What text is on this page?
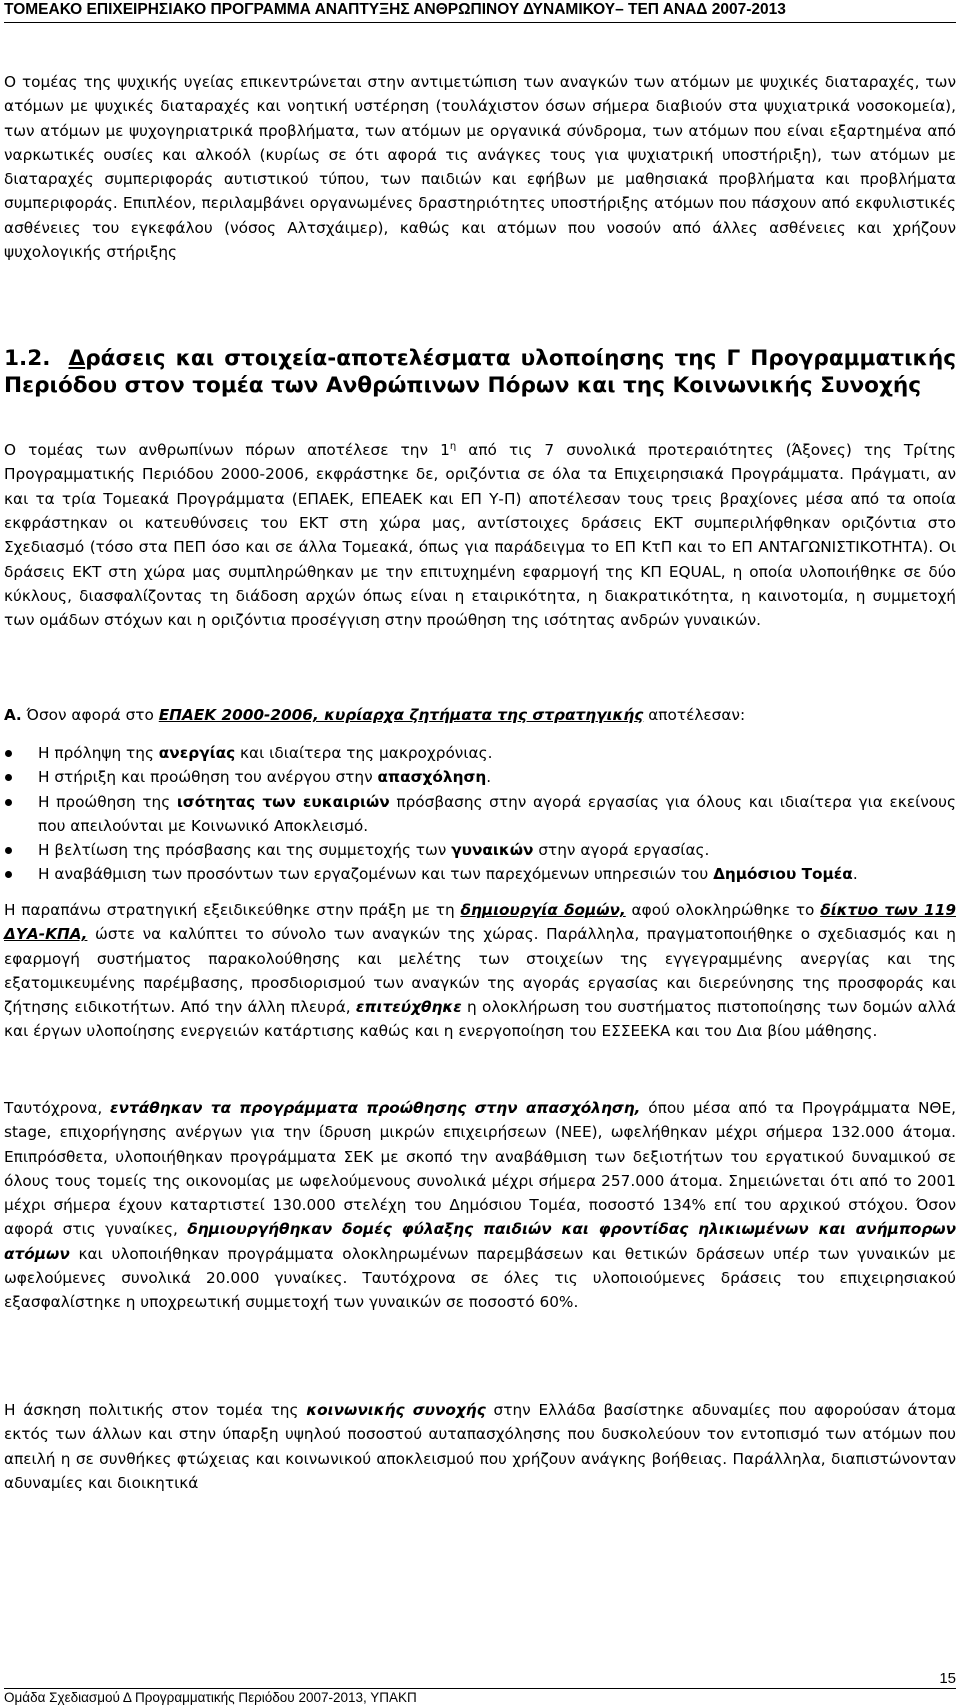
ΤΟΜΕΑΚΟ ΕΠΙΧΕΙΡΗΣΙΑΚΟ ΠΡΟΓΡΑΜΜΑ ΑΝΑΠΤΥΞΗΣ ΑΝΘΡΩΠΙΝΟΥ ΔΥΝΑΜΙΚΟΥ– ΤΕΠ ΑΝΑΔ 2007-2013
Ο τομέας της ψυχικής υγείας επικεντρώνεται στην αντιμετώπιση των αναγκών των ατόμων με ψυχικές διαταραχές, των ατόμων με ψυχικές διαταραχές και νοητική υστέρηση (τουλάχιστον όσων σήμερα διαβιούν στα ψυχιατρικά νοσοκομεία), των ατόμων με ψυχογηριατρικά προβλήματα, των ατόμων με οργανικά σύνδρομα, των ατόμων που είναι εξαρτημένα από ναρκωτικές ουσίες και αλκοόλ (κυρίως σε ότι αφορά τις ανάγκες τους για ψυχιατρική υποστήριξη), των ατόμων με διαταραχές συμπεριφοράς αυτιστικού τύπου, των παιδιών και εφήβων με μαθησιακά προβλήματα και προβλήματα συμπεριφοράς. Επιπλέον, περιλαμβάνει οργανωμένες δραστηριότητες υποστήριξης ατόμων που πάσχουν από εκφυλιστικές ασθένειες του εγκεφάλου (νόσος Αλτσχάιμερ), καθώς και ατόμων που νοσούν από άλλες ασθένειες και χρήζουν ψυχολογικής στήριξης
1.2. Δράσεις και στοιχεία-αποτελέσματα υλοποίησης της Γ Προγραμματικής Περιόδου στον τομέα των Ανθρώπινων Πόρων και της Κοινωνικής Συνοχής
Ο τομέας των ανθρωπίνων πόρων αποτέλεσε την $1^\eta$ από τις 7 συνολικά προτεραιότητες (Άξονες) της Τρίτης Προγραμματικής Περιόδου 2000-2006, εκφράστηκε δε, οριζόντια σε όλα τα Επιχειρησιακά Προγράμματα. Πράγματι, αν και τα τρία Τομεακά Προγράμματα (ΕΠΑΕΚ, ΕΠΕΑΕΚ και ΕΠ Υ-Π) αποτέλεσαν τους τρεις βραχίονες μέσα από τα οποία εκφράστηκαν οι κατευθύνσεις του ΕΚΤ στη χώρα μας, αντίστοιχες δράσεις ΕΚΤ συμπεριλήφθηκαν οριζόντια στο Σχεδιασμό (τόσο στα ΠΕΠ όσο και σε άλλα Τομεακά, όπως για παράδειγμα το ΕΠ ΚτΠ και το ΕΠ ΑΝΤΑΓΩΝΙΣΤΙΚΟΤΗΤΑ). Οι δράσεις ΕΚΤ στη χώρα μας συμπληρώθηκαν με την επιτυχημένη εφαρμογή της ΚΠ EQUAL, η οποία υλοποιήθηκε σε δύο κύκλους, διασφαλίζοντας τη διάδοση αρχών όπως είναι η εταιρικότητα, η διακρατικότητα, η καινοτομία, η συμμετοχή των ομάδων στόχων και η οριζόντια προσέγγιση στην προώθηση της ισότητας ανδρών γυναικών.
Α. Όσον αφορά στο ΕΠΑΕΚ 2000-2006, κυρίαρχα ζητήματα της στρατηγικής αποτέλεσαν:
Η πρόληψη της ανεργίας και ιδιαίτερα της μακροχρόνιας.
Η στήριξη και προώθηση του ανέργου στην απασχόληση.
Η προώθηση της ισότητας των ευκαιριών πρόσβασης στην αγορά εργασίας για όλους και ιδιαίτερα για εκείνους που απειλούνται με Κοινωνικό Αποκλεισμό.
Η βελτίωση της πρόσβασης και της συμμετοχής των γυναικών στην αγορά εργασίας.
Η αναβάθμιση των προσόντων των εργαζομένων και των παρεχόμενων υπηρεσιών του Δημόσιου Τομέα.
Η παραπάνω στρατηγική εξειδικεύθηκε στην πράξη με τη δημιουργία δομών, αφού ολοκληρώθηκε το δίκτυο των 119 ΔΥΑ-ΚΠΑ, ώστε να καλύπτει το σύνολο των αναγκών της χώρας. Παράλληλα, πραγματοποιήθηκε ο σχεδιασμός και η εφαρμογή συστήματος παρακολούθησης και μελέτης των στοιχείων της εγγεγραμμένης ανεργίας και της εξατομικευμένης παρέμβασης, προσδιορισμού των αναγκών της αγοράς εργασίας και διερεύνησης της προσφοράς και ζήτησης ειδικοτήτων. Από την άλλη πλευρά, επιτεύχθηκε η ολοκλήρωση του συστήματος πιστοποίησης των δομών αλλά και έργων υλοποίησης ενεργειών κατάρτισης καθώς και η ενεργοποίηση του ΕΣΣΕΕΚΑ και του Δια βίου μάθησης.
Ταυτόχρονα, εντάθηκαν τα προγράμματα προώθησης στην απασχόληση, όπου μέσα από τα Προγράμματα ΝΘΕ, stage, επιχορήγησης ανέργων για την ίδρυση μικρών επιχειρήσεων (ΝΕΕ), ωφελήθηκαν μέχρι σήμερα 132.000 άτομα. Επιπρόσθετα, υλοποιήθηκαν προγράμματα ΣΕΚ με σκοπό την αναβάθμιση των δεξιοτήτων του εργατικού δυναμικού σε όλους τους τομείς της οικονομίας με ωφελούμενους συνολικά μέχρι σήμερα 257.000 άτομα. Σημειώνεται ότι από το 2001 μέχρι σήμερα έχουν καταρτιστεί 130.000 στελέχη του Δημόσιου Τομέα, ποσοστό 134% επί του αρχικού στόχου. Όσον αφορά στις γυναίκες, δημιουργήθηκαν δομές φύλαξης παιδιών και φροντίδας ηλικιωμένων και ανήμπορων ατόμων και υλοποιήθηκαν προγράμματα ολοκληρωμένων παρεμβάσεων και θετικών δράσεων υπέρ των γυναικών με ωφελούμενες συνολικά 20.000 γυναίκες. Ταυτόχρονα σε όλες τις υλοποιούμενες δράσεις του επιχειρησιακού εξασφαλίστηκε η υποχρεωτική συμμετοχή των γυναικών σε ποσοστό 60%.
Η άσκηση πολιτικής στον τομέα της κοινωνικής συνοχής στην Ελλάδα βασίστηκε αδυναμίες που αφορούσαν άτομα εκτός των άλλων και στην ύπαρξη υψηλού ποσοστού αυταπασχόλησης που δυσκολεύουν τον εντοπισμό των ατόμων που απειλή η σε συνθήκες φτώχειας και κοινωνικού αποκλεισμού που χρήζουν ανάγκης βοήθειας. Παράλληλα, διαπιστώνονταν αδυναμίες και διοικητικά
15
Ομάδα Σχεδιασμού Δ Προγραμματικής Περιόδου 2007-2013, ΥΠΑΚΠ
